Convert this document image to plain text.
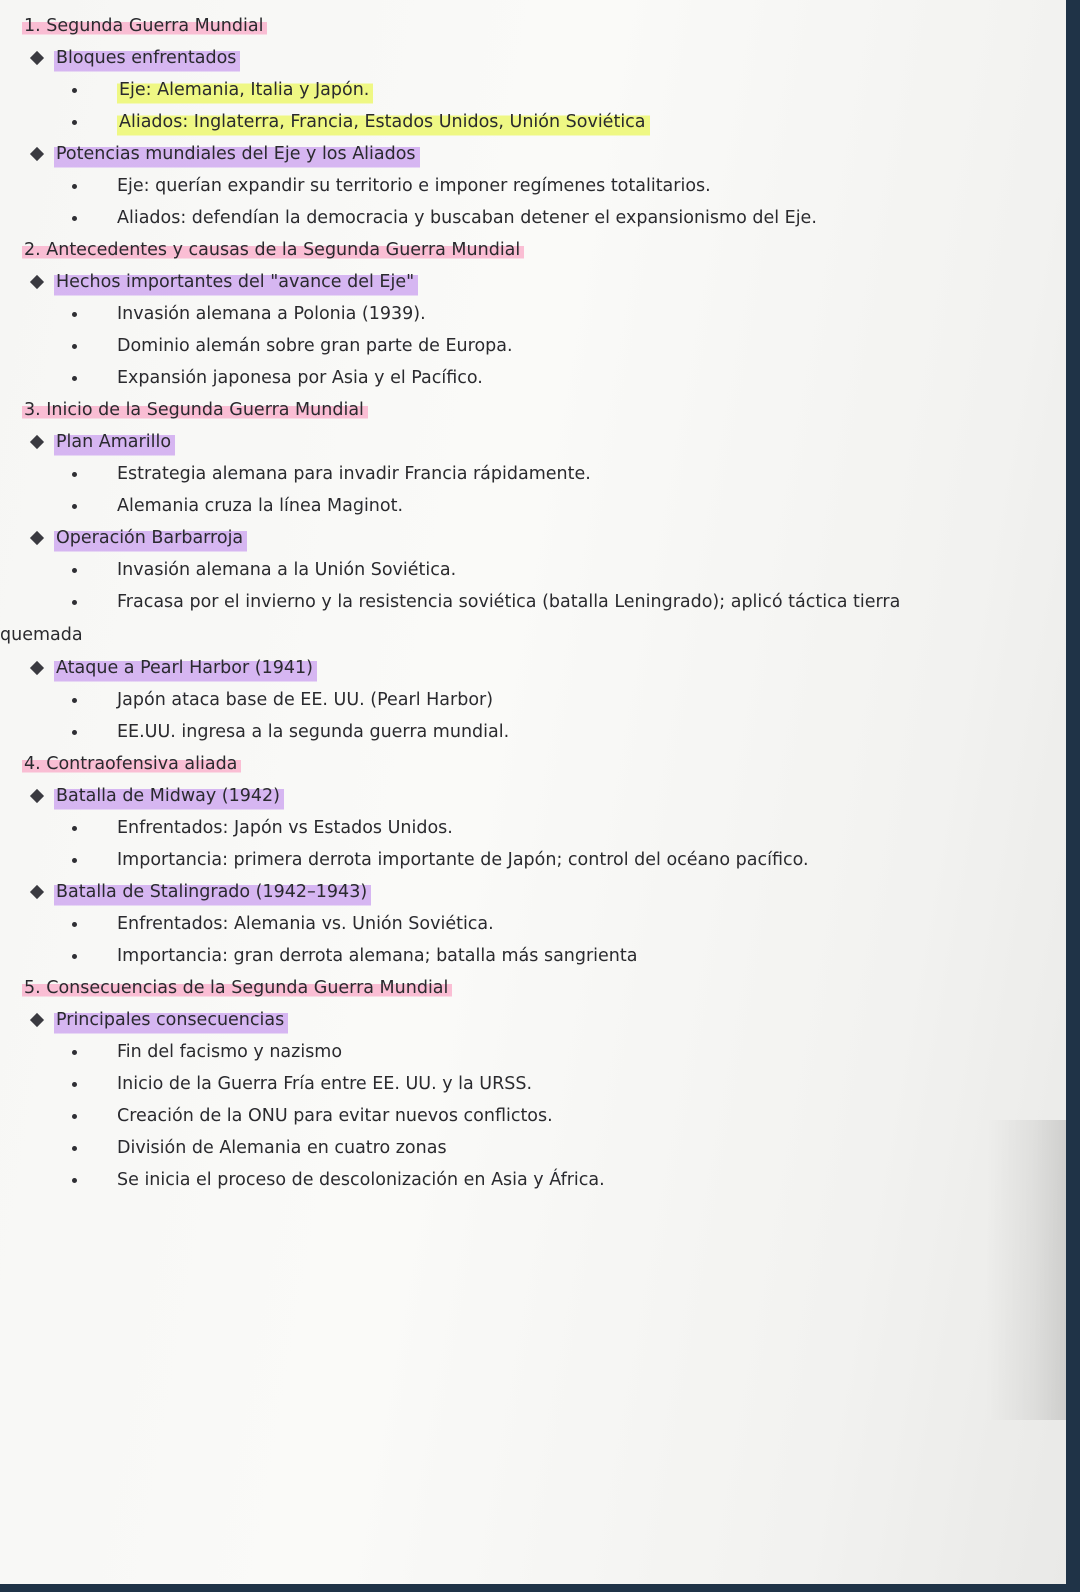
1. Segunda Guerra Mundial
Bloques enfrentados
Eje: Alemania, Italia y Japón.
Aliados: Inglaterra, Francia, Estados Unidos, Unión Soviética
Potencias mundiales del Eje y los Aliados
Eje: querían expandir su territorio e imponer regímenes totalitarios.
Aliados: defendían la democracia y buscaban detener el expansionismo del Eje.
2. Antecedentes y causas de la Segunda Guerra Mundial
Hechos importantes del "avance del Eje"
Invasión alemana a Polonia (1939).
Dominio alemán sobre gran parte de Europa.
Expansión japonesa por Asia y el Pacífico.
3. Inicio de la Segunda Guerra Mundial
Plan Amarillo
Estrategia alemana para invadir Francia rápidamente.
Alemania cruza la línea Maginot.
Operación Barbarroja
Invasión alemana a la Unión Soviética.
Fracasa por el invierno y la resistencia soviética (batalla Leningrado); aplicó táctica tierra
quemada
Ataque a Pearl Harbor (1941)
Japón ataca base de EE. UU. (Pearl Harbor)
EE.UU. ingresa a la segunda guerra mundial.
4. Contraofensiva aliada
Batalla de Midway (1942)
Enfrentados: Japón vs Estados Unidos.
Importancia: primera derrota importante de Japón; control del océano pacífico.
Batalla de Stalingrado (1942–1943)
Enfrentados: Alemania vs. Unión Soviética.
Importancia: gran derrota alemana; batalla más sangrienta
5. Consecuencias de la Segunda Guerra Mundial
Principales consecuencias
Fin del facismo y nazismo
Inicio de la Guerra Fría entre EE. UU. y la URSS.
Creación de la ONU para evitar nuevos conflictos.
División de Alemania en cuatro zonas
Se inicia el proceso de descolonización en Asia y África.
